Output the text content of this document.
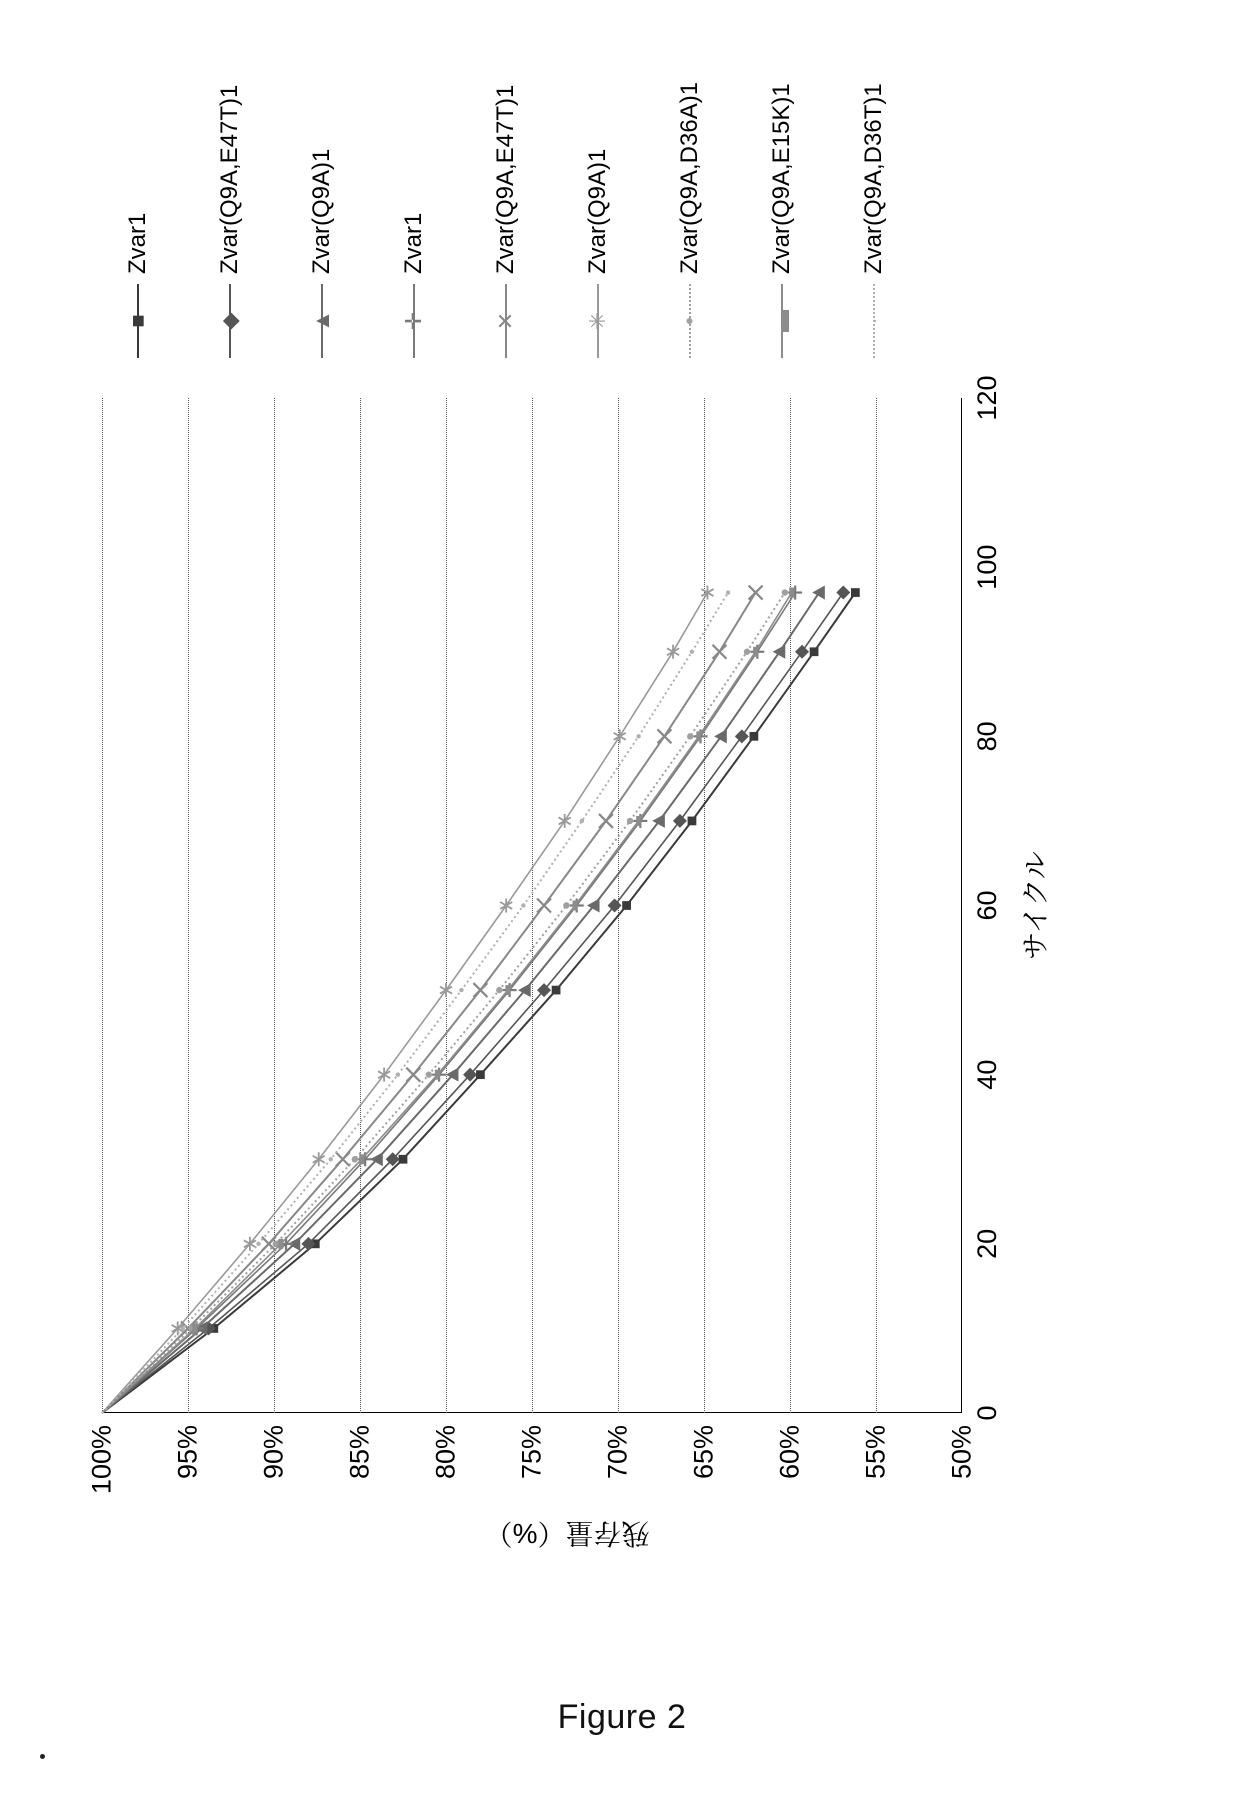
残存量（%）
サイクル
50%
55%
60%
65%
70%
75%
80%
85%
90%
95%
100%
0
20
40
60
80
100
120
■
Zvar1
◆
Zvar(Q9A,E47T)1
▲
Zvar(Q9A)1
✛
Zvar1
✕
Zvar(Q9A,E47T)1
✳
Zvar(Q9A)1
•
Zvar(Q9A,D36A)1
▬
Zvar(Q9A,E15K)1
·
Zvar(Q9A,D36T)1
Figure 2
